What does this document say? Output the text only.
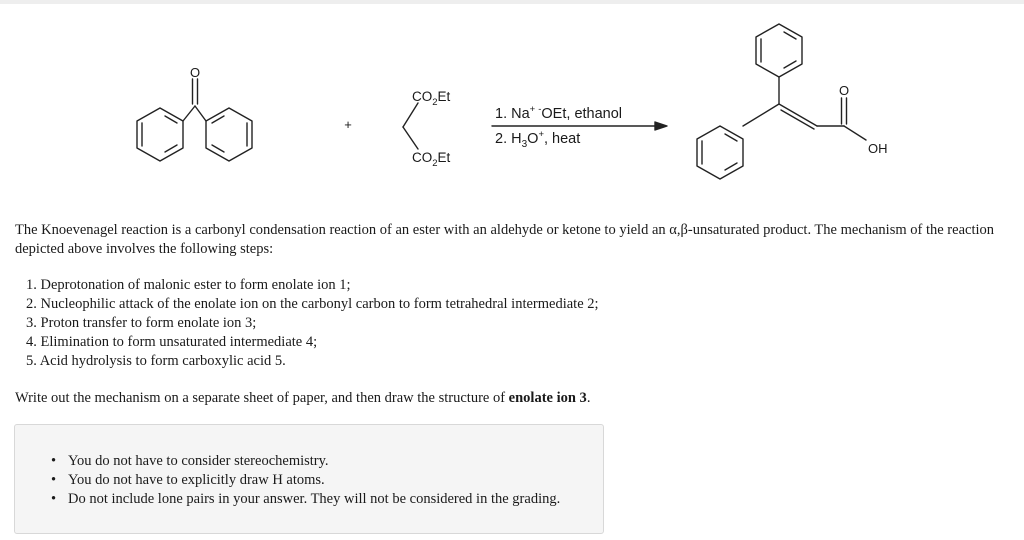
O
+
$CO_2Et$
$CO_2Et$
1. Na+ -OEt, ethanol
2. $H_3O^+$, heat
O
OH

The Knoevenagel reaction is a carbonyl condensation reaction of an ester with an aldehyde or ketone to yield an α,β-unsaturated product. The mechanism of the reaction depicted above involves the following steps:

1. Deprotonation of malonic ester to form enolate ion 1;
2. Nucleophilic attack of the enolate ion on the carbonyl carbon to form tetrahedral intermediate 2;
3. Proton transfer to form enolate ion 3;
4. Elimination to form unsaturated intermediate 4;
5. Acid hydrolysis to form carboxylic acid 5.

Write out the mechanism on a separate sheet of paper, and then draw the structure of enolate ion 3.

• You do not have to consider stereochemistry.
• You do not have to explicitly draw H atoms.
• Do not include lone pairs in your answer. They will not be considered in the grading.
